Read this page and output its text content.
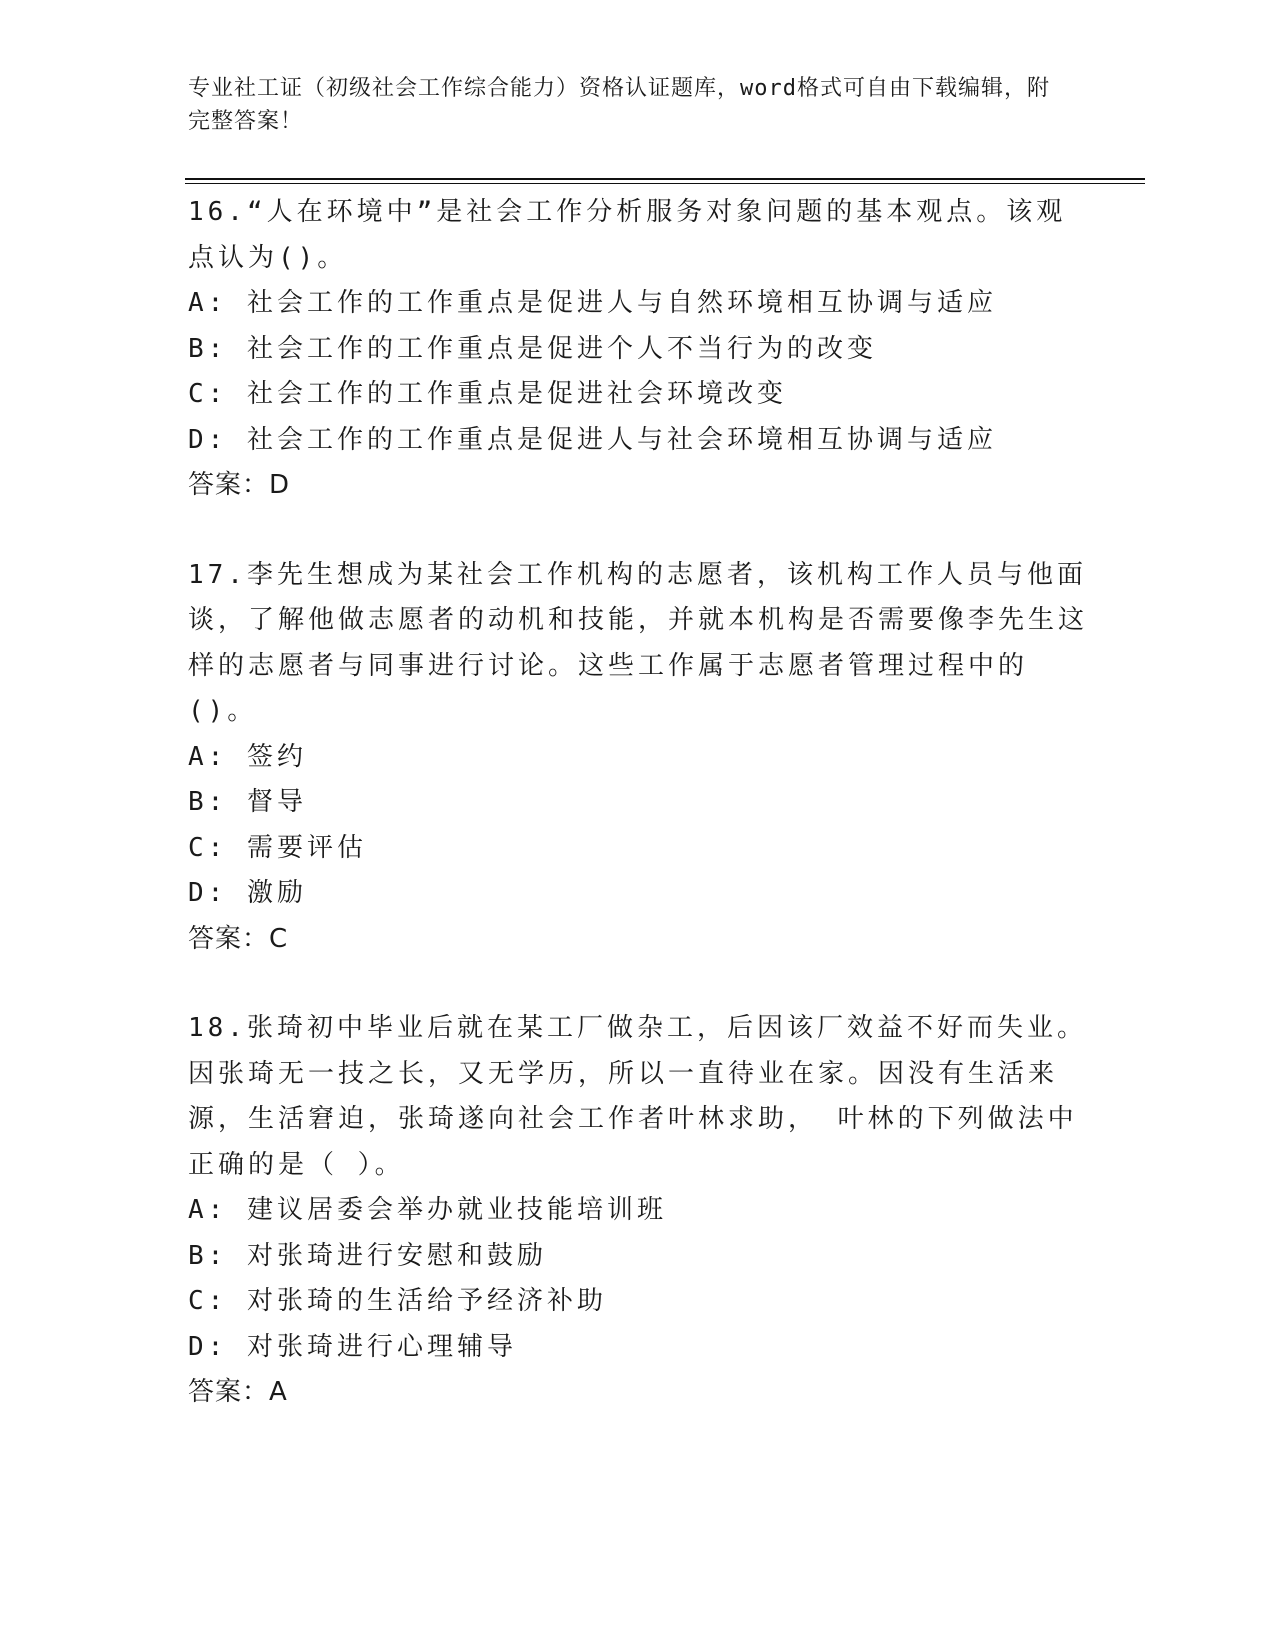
专业社工证（初级社会工作综合能力）资格认证题库，word格式可自由下载编辑，附完整答案！

16.“人在环境中”是社会工作分析服务对象问题的基本观点。该观点认为()。

A: 社会工作的工作重点是促进人与自然环境相互协调与适应

B: 社会工作的工作重点是促进个人不当行为的改变

C: 社会工作的工作重点是促进社会环境改变

D: 社会工作的工作重点是促进人与社会环境相互协调与适应

答案：D

17.李先生想成为某社会工作机构的志愿者，该机构工作人员与他面谈，了解他做志愿者的动机和技能，并就本机构是否需要像李先生这样的志愿者与同事进行讨论。这些工作属于志愿者管理过程中的()。

A: 签约

B: 督导

C: 需要评估

D: 激励

答案：C

18.张琦初中毕业后就在某工厂做杂工，后因该厂效益不好而失业。因张琦无一技之长，又无学历，所以一直待业在家。因没有生活来源，生活窘迫，张琦遂向社会工作者叶林求助， 叶林的下列做法中正确的是（ ）。

A: 建议居委会举办就业技能培训班

B: 对张琦进行安慰和鼓励

C: 对张琦的生活给予经济补助

D: 对张琦进行心理辅导

答案：A
